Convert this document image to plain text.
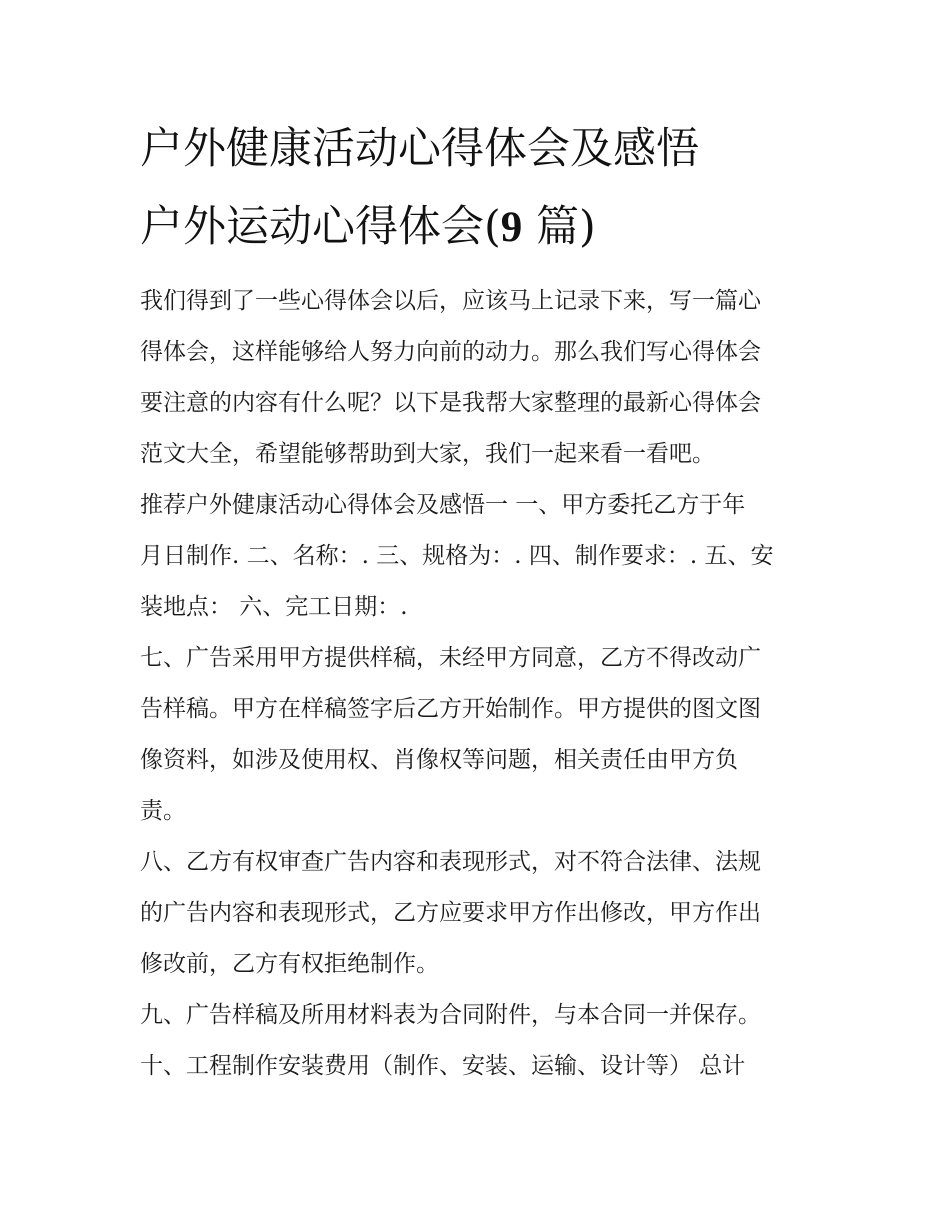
户外健康活动心得体会及感悟
户外运动心得体会(9 篇)

我们得到了一些心得体会以后，应该马上记录下来，写一篇心
得体会，这样能够给人努力向前的动力。那么我们写心得体会
要注意的内容有什么呢？以下是我帮大家整理的最新心得体会
范文大全，希望能够帮助到大家，我们一起来看一看吧。

推荐户外健康活动心得体会及感悟一 一、甲方委托乙方于年
月日制作. 二、名称：. 三、规格为：. 四、制作要求：. 五、安
装地点： 六、完工日期：.

七、广告采用甲方提供样稿，未经甲方同意，乙方不得改动广
告样稿。甲方在样稿签字后乙方开始制作。甲方提供的图文图
像资料，如涉及使用权、肖像权等问题，相关责任由甲方负
责。

八、乙方有权审查广告内容和表现形式，对不符合法律、法规
的广告内容和表现形式，乙方应要求甲方作出修改，甲方作出
修改前，乙方有权拒绝制作。

九、广告样稿及所用材料表为合同附件，与本合同一并保存。

十、工程制作安装费用（制作、安装、运输、设计等） 总计
